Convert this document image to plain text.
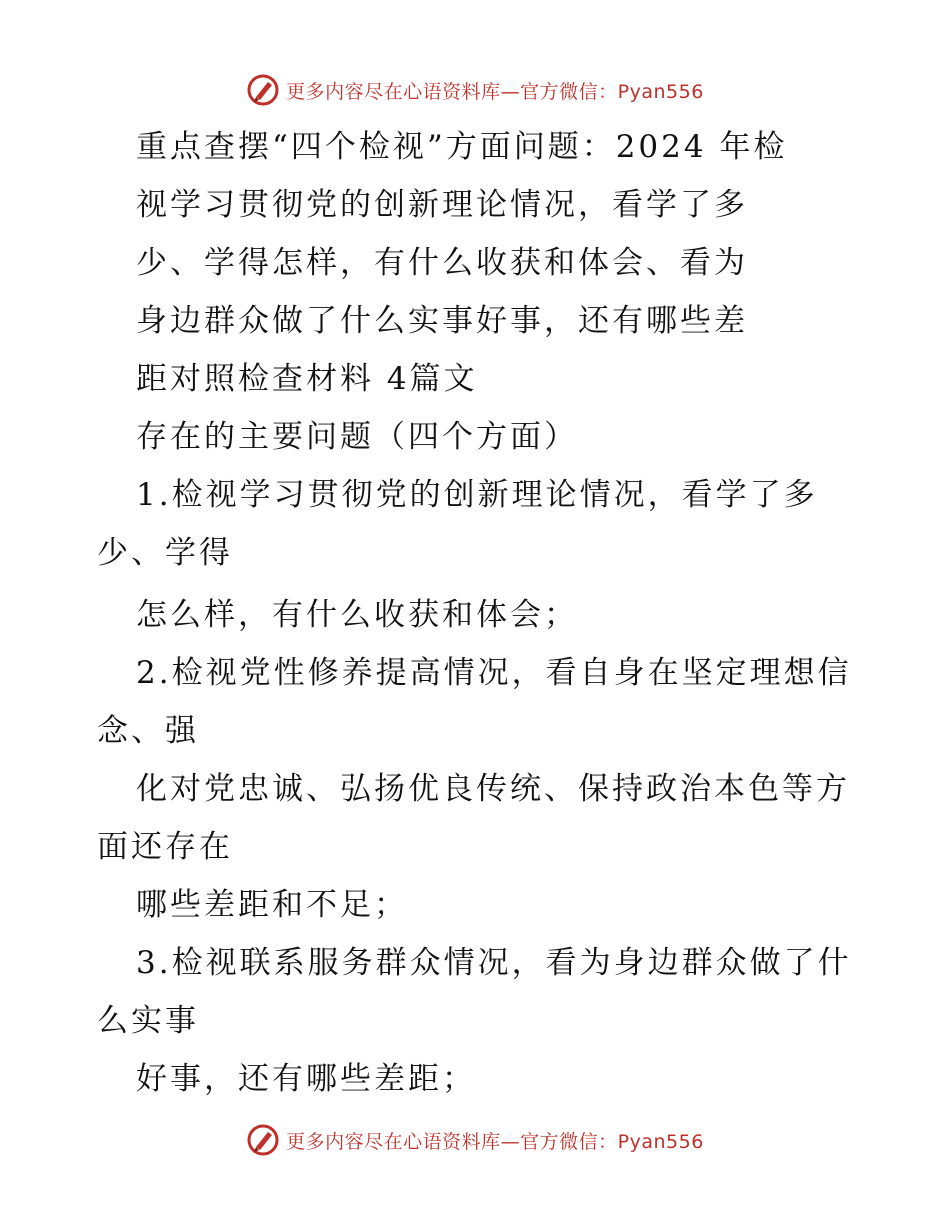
更多内容尽在心语资料库—官方微信：Pyan556
重点查摆“四个检视”方面问题：2024 年检
视学习贯彻党的创新理论情况，看学了多
少、学得怎样，有什么收获和体会、看为
身边群众做了什么实事好事，还有哪些差
距对照检查材料 4篇文
存在的主要问题（四个方面）
1.检视学习贯彻党的创新理论情况，看学了多
少、学得
怎么样，有什么收获和体会；
2.检视党性修养提高情况，看自身在坚定理想信
念、强
化对党忠诚、弘扬优良传统、保持政治本色等方
面还存在
哪些差距和不足；
3.检视联系服务群众情况，看为身边群众做了什
么实事
好事，还有哪些差距；
更多内容尽在心语资料库—官方微信：Pyan556
